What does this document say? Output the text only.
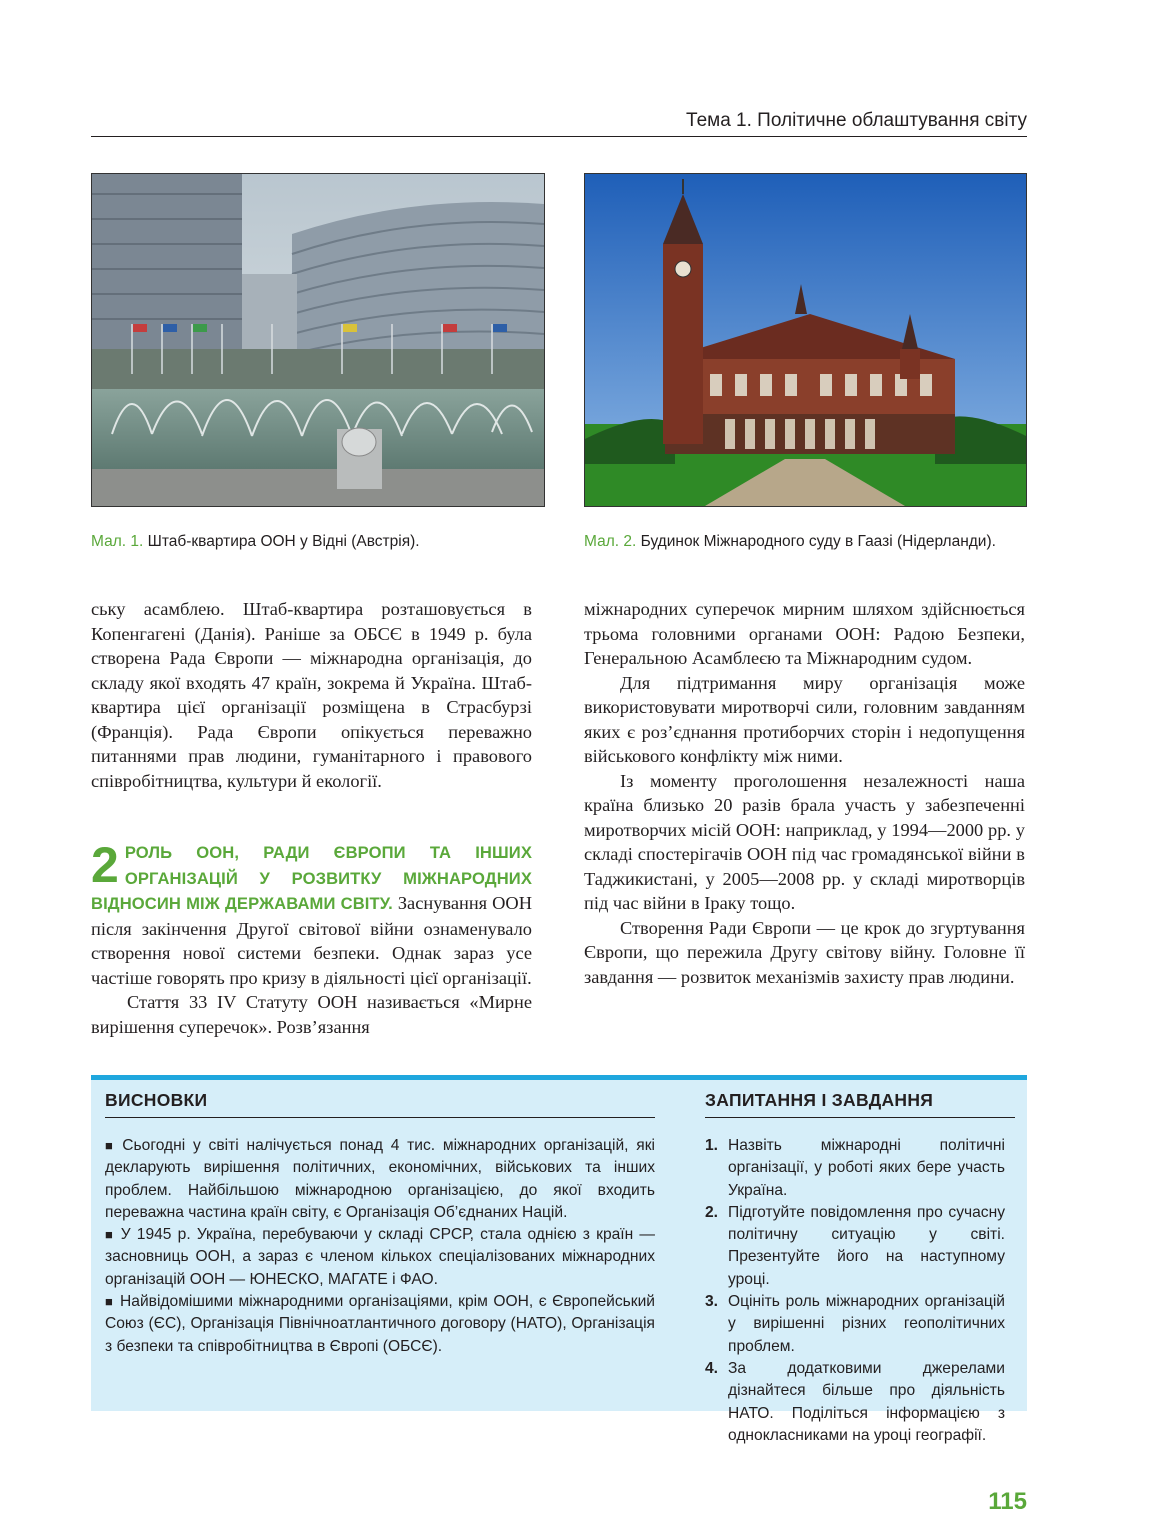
Тема 1. Політичне облаштування світу
Мал. 1. Штаб-квартира ООН у Відні (Австрія).	Мал. 2. Будинок Міжнародного суду в Гаазі (Нідерланди).

ську асамблею. Штаб-квартира розташовується в Копенгагені (Данія). Раніше за ОБСЄ в 1949 р. була створена Рада Європи — міжнародна організація, до складу якої входять 47 країн, зокрема й Україна. Штаб-квартира цієї організації розміщена в Страсбурзі (Франція). Рада Європи опікується переважно питаннями прав людини, гуманітарного і правового співробітництва, культури й екології.

2 РОЛЬ ООН, РАДИ ЄВРОПИ ТА ІНШИХ ОРГАНІЗАЦІЙ У РОЗВИТКУ МІЖНАРОДНИХ ВІДНОСИН МІЖ ДЕРЖАВАМИ СВІТУ. Заснування ООН після закінчення Другої світової війни ознаменувало створення нової системи безпеки. Однак зараз усе частіше говорять про кризу в діяльності цієї організації.

Стаття 33 IV Статуту ООН називається «Мирне вирішення суперечок». Розв’язання

міжнародних суперечок мирним шляхом здійснюється трьома головними органами ООН: Радою Безпеки, Генеральною Асамблеєю та Міжнародним судом.

Для підтримання миру організація може використовувати миротворчі сили, головним завданням яких є роз’єднання протиборчих сторін і недопущення військового конфлікту між ними.

Із моменту проголошення незалежності наша країна близько 20 разів брала участь у забезпеченні миротворчих місій ООН: наприклад, у 1994—2000 рр. у складі спостерігачів ООН під час громадянської війни в Таджикистані, у 2005—2008 рр. у складі миротворців під час війни в Іраку тощо.

Створення Ради Європи — це крок до згуртування Європи, що пережила Другу світову війну. Головне її завдання — розвиток механізмів захисту прав людини.

ВИСНОВКИ

■ Сьогодні у світі налічується понад 4 тис. міжнародних організацій, які декларують вирішення політичних, економічних, військових та інших проблем. Найбільшою міжнародною організацією, до якої входить переважна частина країн світу, є Організація Об’єднаних Націй.

■ У 1945 р. Україна, перебуваючи у складі СРСР, стала однією з країн — засновниць ООН, а зараз є членом кількох спеціалізованих міжнародних організацій ООН — ЮНЕСКО, МАГАТЕ і ФАО.

■ Найвідомішими міжнародними організаціями, крім ООН, є Європейський Союз (ЄС), Організація Північноатлантичного договору (НАТО), Організація з безпеки та співробітництва в Європі (ОБСЄ).

ЗАПИТАННЯ І ЗАВДАННЯ
1. Назвіть міжнародні політичні організації, у роботі яких бере участь Україна.
2. Підготуйте повідомлення про сучасну політичну ситуацію у світі. Презентуйте його на наступному уроці.
3. Оцініть роль міжнародних організацій у вирішенні різних геополітичних проблем.
4. За додатковими джерелами дізнайтеся більше про діяльність НАТО. Поділіться інформацією з однокласниками на уроці географії.
115
